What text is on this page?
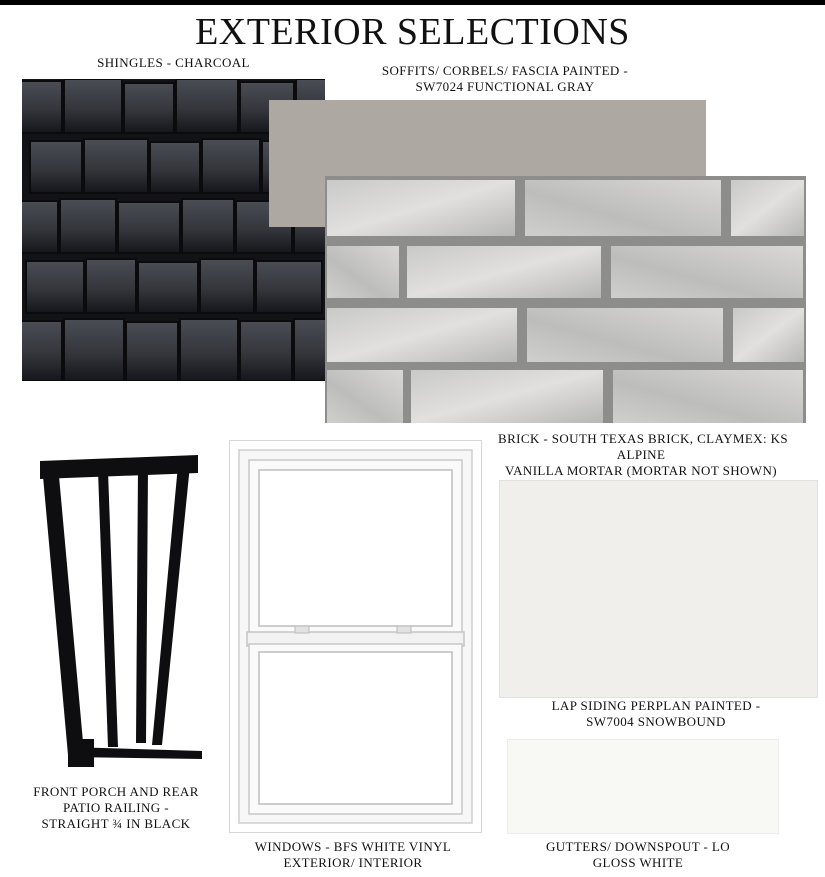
EXTERIOR SELECTIONS
SHINGLES - CHARCOAL
SOFFITS/ CORBELS/ FASCIA PAINTED -
SW7024 FUNCTIONAL GRAY
BRICK - SOUTH TEXAS BRICK, CLAYMEX: KS
ALPINE
VANILLA MORTAR (MORTAR NOT SHOWN)
FRONT PORCH AND REAR
PATIO RAILING -
STRAIGHT ¾ IN BLACK
WINDOWS - BFS WHITE VINYL
EXTERIOR/ INTERIOR
LAP SIDING PERPLAN PAINTED -
SW7004 SNOWBOUND
GUTTERS/ DOWNSPOUT - LO
GLOSS WHITE
